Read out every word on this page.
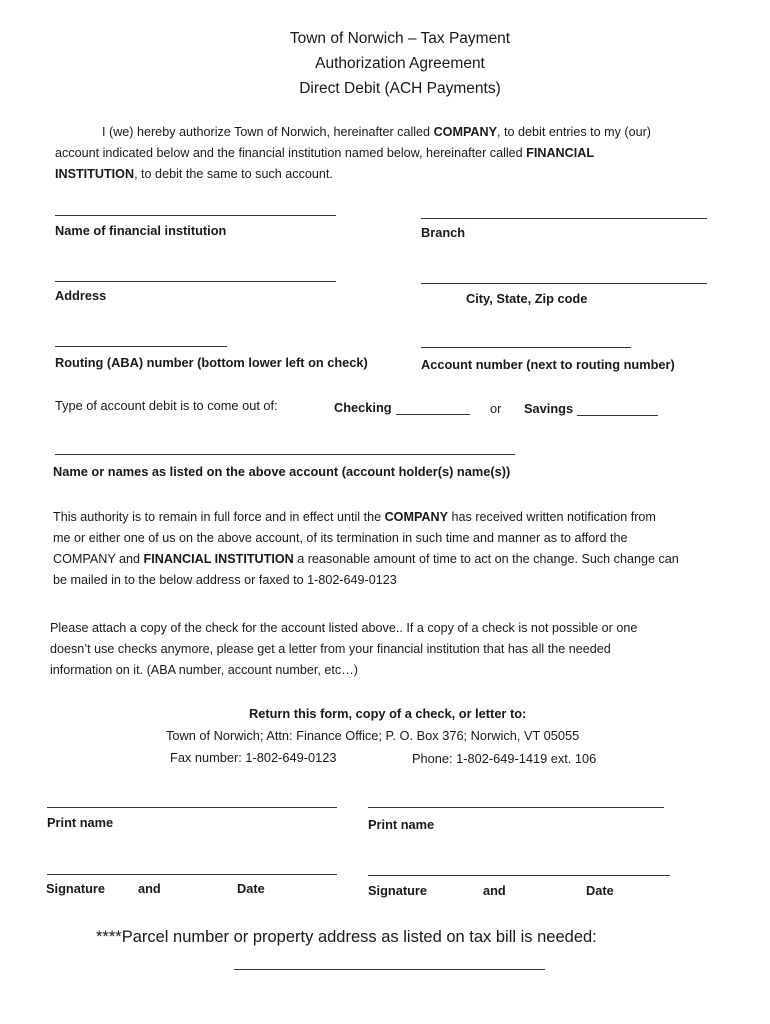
Town of Norwich – Tax Payment
Authorization Agreement
Direct Debit (ACH Payments)
I (we) hereby authorize Town of Norwich, hereinafter called COMPANY, to debit entries to my (our)
account indicated below and the financial institution named below, hereinafter called FINANCIAL
INSTITUTION, to debit the same to such account.
Name of financial institution	Branch
Address	City, State, Zip code
Routing (ABA) number (bottom lower left on check)	Account number (next to routing number)
Type of account debit is to come out of:	Checking	or Savings
Name or names as listed on the above account (account holder(s) name(s))
This authority is to remain in full force and in effect until the COMPANY has received written notification from
me or either one of us on the above account, of its termination in such time and manner as to afford the
COMPANY and FINANCIAL INSTITUTION a reasonable amount of time to act on the change. Such change can
be mailed in to the below address or faxed to 1-802-649-0123
Please attach a copy of the check for the account listed above.. If a copy of a check is not possible or one
doesn’t use checks anymore, please get a letter from your financial institution that has all the needed
information on it. (ABA number, account number, etc…)
Return this form, copy of a check, or letter to:
Town of Norwich; Attn: Finance Office; P. O. Box 376; Norwich, VT 05055
Fax number: 1-802-649-0123	Phone: 1-802-649-1419 ext. 106
Print name	Print name
Signature	and	Date	Signature	and	Date
****Parcel number or property address as listed on tax bill is needed:
